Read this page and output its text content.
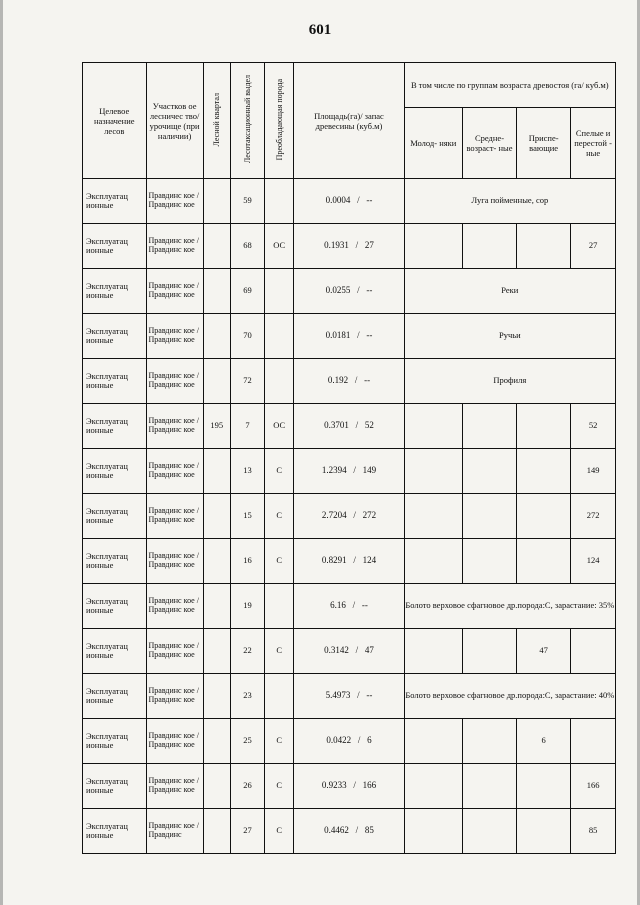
601
Целевое назначение лесов	Участков ое лесничес тво/ урочище (при наличии)	Лесной квартал	Лесотаксационный выдел	Преобладающая порода	Площадь(га)/ запас древесины (куб.м)	В том числе по группам возраста древостоя (га/ куб.м)			
						Молод- няки	Средне- возраст- ные	Приспе- вающие	Спелые и перестой - ные
Эксплуатац ионные	Правдинс кое / Правдинс кое		59		0.0004   /   --	Луга пойменные, сор			
Эксплуатац ионные	Правдинс кое / Правдинс кое		68	ОС	0.1931   /   27				27
Эксплуатац ионные	Правдинс кое / Правдинс кое		69		0.0255   /   --	Реки			
Эксплуатац ионные	Правдинс кое / Правдинс кое		70		0.0181   /   --	Ручьи			
Эксплуатац ионные	Правдинс кое / Правдинс кое		72		0.192   /   --	Профиля			
Эксплуатац ионные	Правдинс кое / Правдинс кое	195	7	ОС	0.3701   /   52				52
Эксплуатац ионные	Правдинс кое / Правдинс кое		13	С	1.2394   /   149				149
Эксплуатац ионные	Правдинс кое / Правдинс кое		15	С	2.7204   /   272				272
Эксплуатац ионные	Правдинс кое / Правдинс кое		16	С	0.8291   /   124				124
Эксплуатац ионные	Правдинс кое / Правдинс кое		19		6.16   /   --	Болото верховое сфагновое др.порода:С, зарастание: 35%			
Эксплуатац ионные	Правдинс кое / Правдинс кое		22	С	0.3142   /   47			47	
Эксплуатац ионные	Правдинс кое / Правдинс кое		23		5.4973   /   --	Болото верховое сфагновое др.порода:С, зарастание: 40%			
Эксплуатац ионные	Правдинс кое / Правдинс кое		25	С	0.0422   /   6			6	
Эксплуатац ионные	Правдинс кое / Правдинс кое		26	С	0.9233   /   166				166
Эксплуатац ионные	Правдинс кое / Правдинс		27	С	0.4462   /   85				85
